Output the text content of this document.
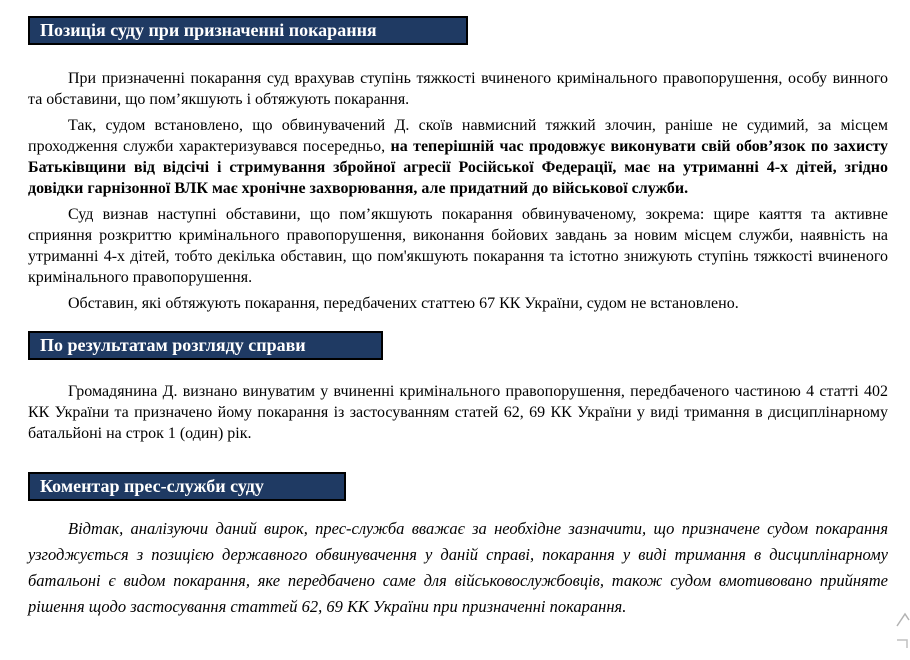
Позиція суду при призначенні покарання

При призначенні покарання суд врахував ступінь тяжкості вчиненого кримінального правопорушення, особу винного та обставини, що пом’якшують і обтяжують покарання.

Так, судом встановлено, що обвинувачений Д. скоїв навмисний тяжкий злочин, раніше не судимий, за місцем проходження служби характеризувався посередньо, на теперішній час продовжує виконувати свій обов’язок по захисту Батьківщини від відсічі і стримування збройної агресії Російської Федерації, має на утриманні 4-х дітей, згідно довідки гарнізонної ВЛК має хронічне захворювання, але придатний до військової служби.

Суд визнав наступні обставини, що пом’якшують покарання обвинуваченому, зокрема: щире каяття та активне сприяння розкриттю кримінального правопорушення, виконання бойових завдань за новим місцем служби, наявність на утриманні 4-х дітей, тобто декілька обставин, що пом'якшують покарання та істотно знижують ступінь тяжкості вчиненого кримінального правопорушення.

Обставин, які обтяжують покарання, передбачених статтею 67 КК України, судом не встановлено.

По результатам розгляду справи

Громадянина Д. визнано винуватим у вчиненні кримінального правопорушення, передбаченого частиною 4 статті 402 КК України та призначено йому покарання із застосуванням статей 62, 69 КК України у виді тримання в дисциплінарному батальйоні на строк 1 (один) рік.

Коментар прес-служби суду

Відтак, аналізуючи даний вирок, прес-служба вважає за необхідне зазначити, що призначене судом покарання узгоджується з позицією державного обвинувачення у даній справі, покарання у виді тримання в дисциплінарному батальоні є видом покарання, яке передбачено саме для військовослужбовців, також судом вмотивовано прийняте рішення щодо застосування статтей 62, 69 КК України при призначенні покарання.
